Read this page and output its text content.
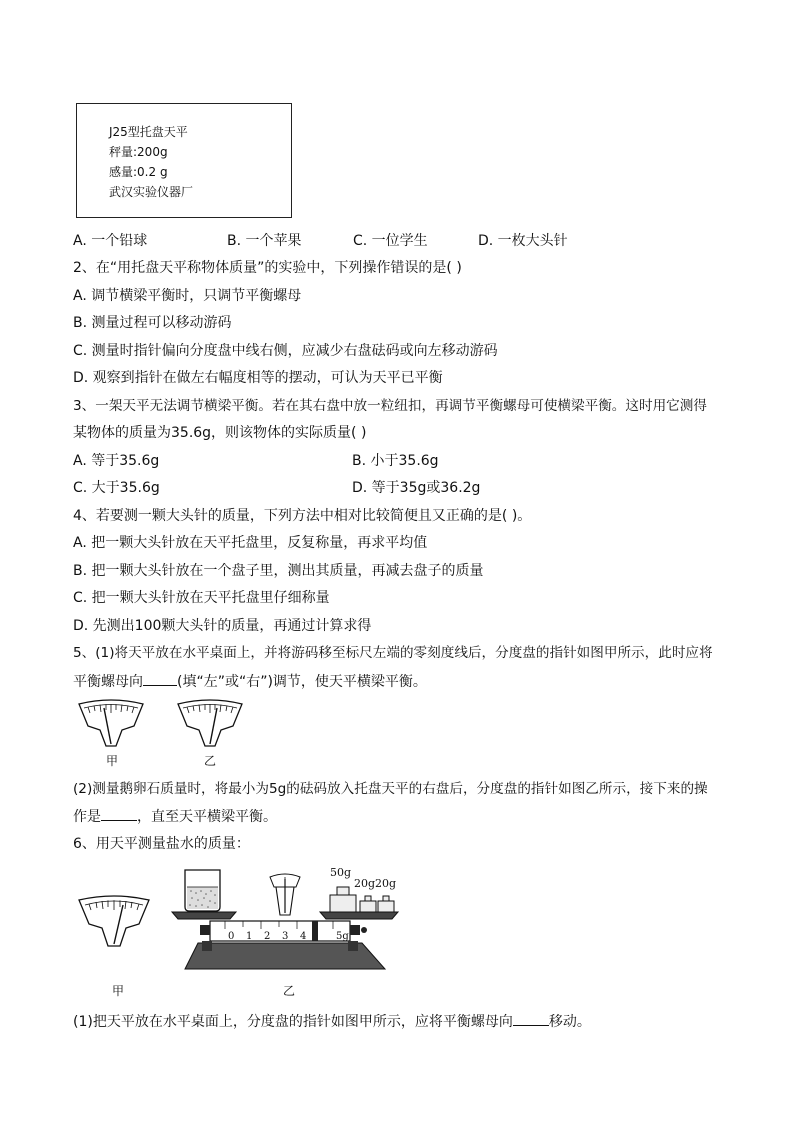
J25型托盘天平
秤量:200g
感量:0.2 g
武汉实验仪器厂
A. 一个铅球	B. 一个苹果	C. 一位学生	D. 一枚大头针
2、在“用托盘天平称物体质量”的实验中，下列操作错误的是( )
A. 调节横梁平衡时，只调节平衡螺母
B. 测量过程可以移动游码
C. 测量时指针偏向分度盘中线右侧，应减少右盘砝码或向左移动游码
D. 观察到指针在做左右幅度相等的摆动，可认为天平已平衡
3、一架天平无法调节横梁平衡。若在其右盘中放一粒纽扣，再调节平衡螺母可使横梁平衡。这时用它测得
某物体的质量为35.6g，则该物体的实际质量( )
A. 等于35.6g	B. 小于35.6g
C. 大于35.6g	D. 等于35g或36.2g
4、若要测一颗大头针的质量，下列方法中相对比较简便且又正确的是( )。
A. 把一颗大头针放在天平托盘里，反复称量，再求平均值
B. 把一颗大头针放在一个盘子里，测出其质量，再减去盘子的质量
C. 把一颗大头针放在天平托盘里仔细称量
D. 先测出100颗大头针的质量，再通过计算求得
5、(1)将天平放在水平桌面上，并将游码移至标尺左端的零刻度线后，分度盘的指针如图甲所示，此时应将
平衡螺母向 (填“左”或“右”)调节，使天平横梁平衡。
甲	乙
(2)测量鹅卵石质量时，将最小为5g的砝码放入托盘天平的右盘后，分度盘的指针如图乙所示，接下来的操
作是	，直至天平横梁平衡。
6、用天平测量盐水的质量：
甲
50g
20g20g
0 1 2 3 4	5g
乙
(1)把天平放在水平桌面上，分度盘的指针如图甲所示，应将平衡螺母向	移动。
